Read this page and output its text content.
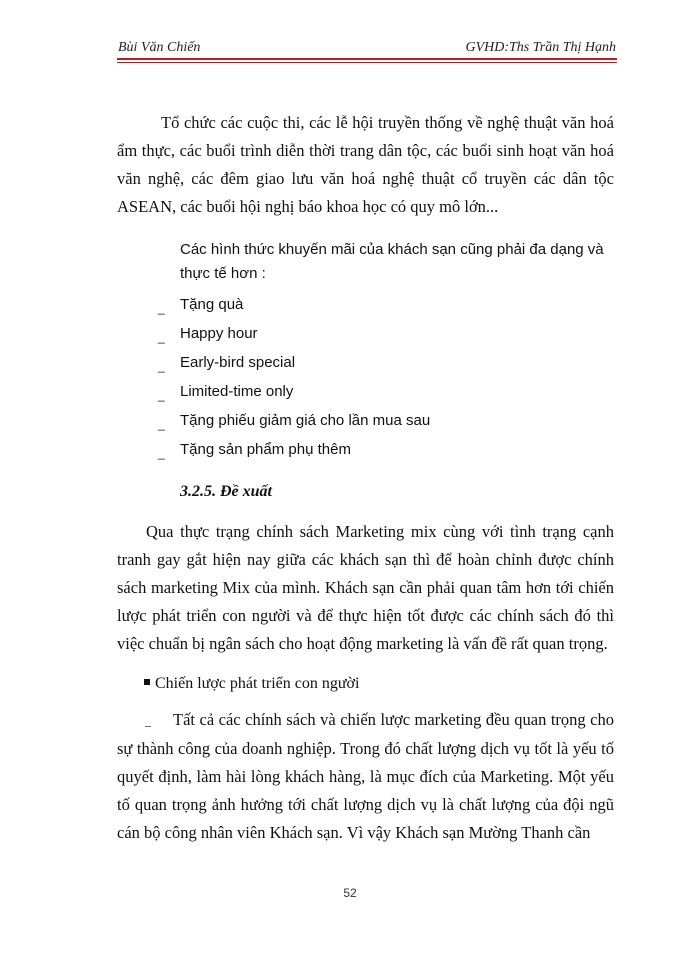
Bùi Văn Chiến	GVHD:Ths Trần Thị Hạnh
Tổ chức các cuộc thi, các lễ hội truyền thống về nghệ thuật văn hoá ẩm thực, các buổi trình diễn thời trang dân tộc, các buổi sinh hoạt văn hoá văn nghệ, các đêm giao lưu văn hoá nghệ thuật cổ truyền các dân tộc ASEAN, các buổi hội nghị báo khoa học có quy mô lớn...
Các hình thức khuyến mãi của khách sạn cũng phải đa dạng và thực tế hơn :
_ Tặng quà
_ Happy hour
_ Early-bird special
_ Limited-time only
_ Tặng phiếu giảm giá cho lần mua sau
_ Tặng sản phẩm phụ thêm
3.2.5. Đề xuất
Qua thực trạng chính sách Marketing mix cùng với tình trạng cạnh tranh gay gắt hiện nay giữa các khách sạn thì để hoàn chỉnh được chính sách marketing Mix của mình. Khách sạn cần phải quan tâm hơn tới chiến lược phát triển con người và để thực hiện tốt được các chính sách đó thì việc chuẩn bị ngân sách cho hoạt động marketing là vấn đề rất quan trọng.
Chiến lược phát triển con người
_ Tất cả các chính sách và chiến lược marketing đều quan trọng cho sự thành công của doanh nghiệp. Trong đó chất lượng dịch vụ tốt là yếu tố quyết định, làm hài lòng khách hàng, là mục đích của Marketing. Một yếu tố quan trọng ảnh hưởng tới chất lượng dịch vụ là chất lượng của đội ngũ cán bộ công nhân viên Khách sạn. Vì vậy Khách sạn Mường Thanh cần
52
